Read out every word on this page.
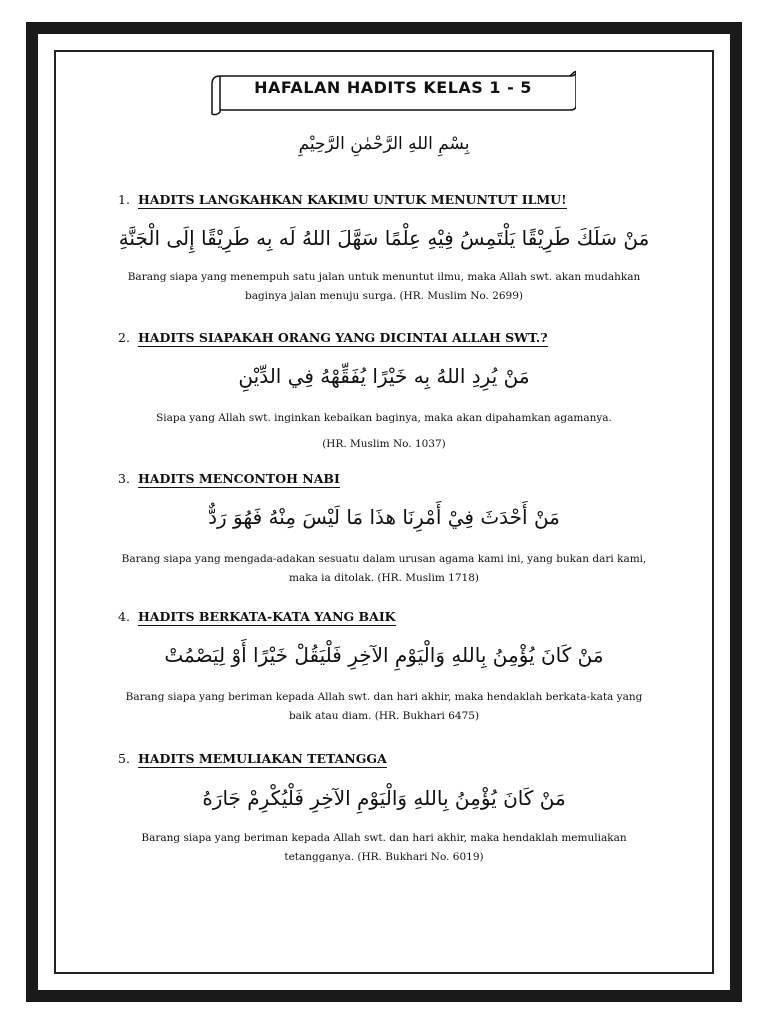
HAFALAN HADITS KELAS 1 - 5
بِسْمِ اللهِ الرَّحْمٰنِ الرَّحِيْمِ
1. HADITS LANGKAHKAN KAKIMU UNTUK MENUNTUT ILMU!
مَنْ سَلَكَ طَرِيْقًا يَلْتَمِسُ فِيْهِ عِلْمًا سَهَّلَ اللهُ لَه بِه طَرِيْقًا إِلَى الْجَنَّةِ
Barang siapa yang menempuh satu jalan untuk menuntut ilmu, maka Allah swt. akan mudahkan
baginya jalan menuju surga. (HR. Muslim No. 2699)
2. HADITS SIAPAKAH ORANG YANG DICINTAI ALLAH SWT.?
مَنْ يُرِدِ اللهُ بِه خَيْرًا يُفَقِّهْهُ فِي الدِّيْنِ
Siapa yang Allah swt. inginkan kebaikan baginya, maka akan dipahamkan agamanya.
(HR. Muslim No. 1037)
3. HADITS MENCONTOH NABI
مَنْ أَحْدَثَ فِيْ أَمْرِنَا هذَا مَا لَيْسَ مِنْهُ فَهُوَ رَدٌّ
Barang siapa yang mengada-adakan sesuatu dalam urusan agama kami ini, yang bukan dari kami,
maka ia ditolak. (HR. Muslim 1718)
4. HADITS BERKATA-KATA YANG BAIK
مَنْ كَانَ يُؤْمِنُ بِاللهِ وَالْيَوْمِ الآخِرِ فَلْيَقُلْ خَيْرًا أَوْ لِيَصْمُتْ
Barang siapa yang beriman kepada Allah swt. dan hari akhir, maka hendaklah berkata-kata yang
baik atau diam. (HR. Bukhari 6475)
5. HADITS MEMULIAKAN TETANGGA
مَنْ كَانَ يُؤْمِنُ بِاللهِ وَالْيَوْمِ الآخِرِ فَلْيُكْرِمْ جَارَهُ
Barang siapa yang beriman kepada Allah swt. dan hari akhir, maka hendaklah memuliakan
tetangganya. (HR. Bukhari No. 6019)
